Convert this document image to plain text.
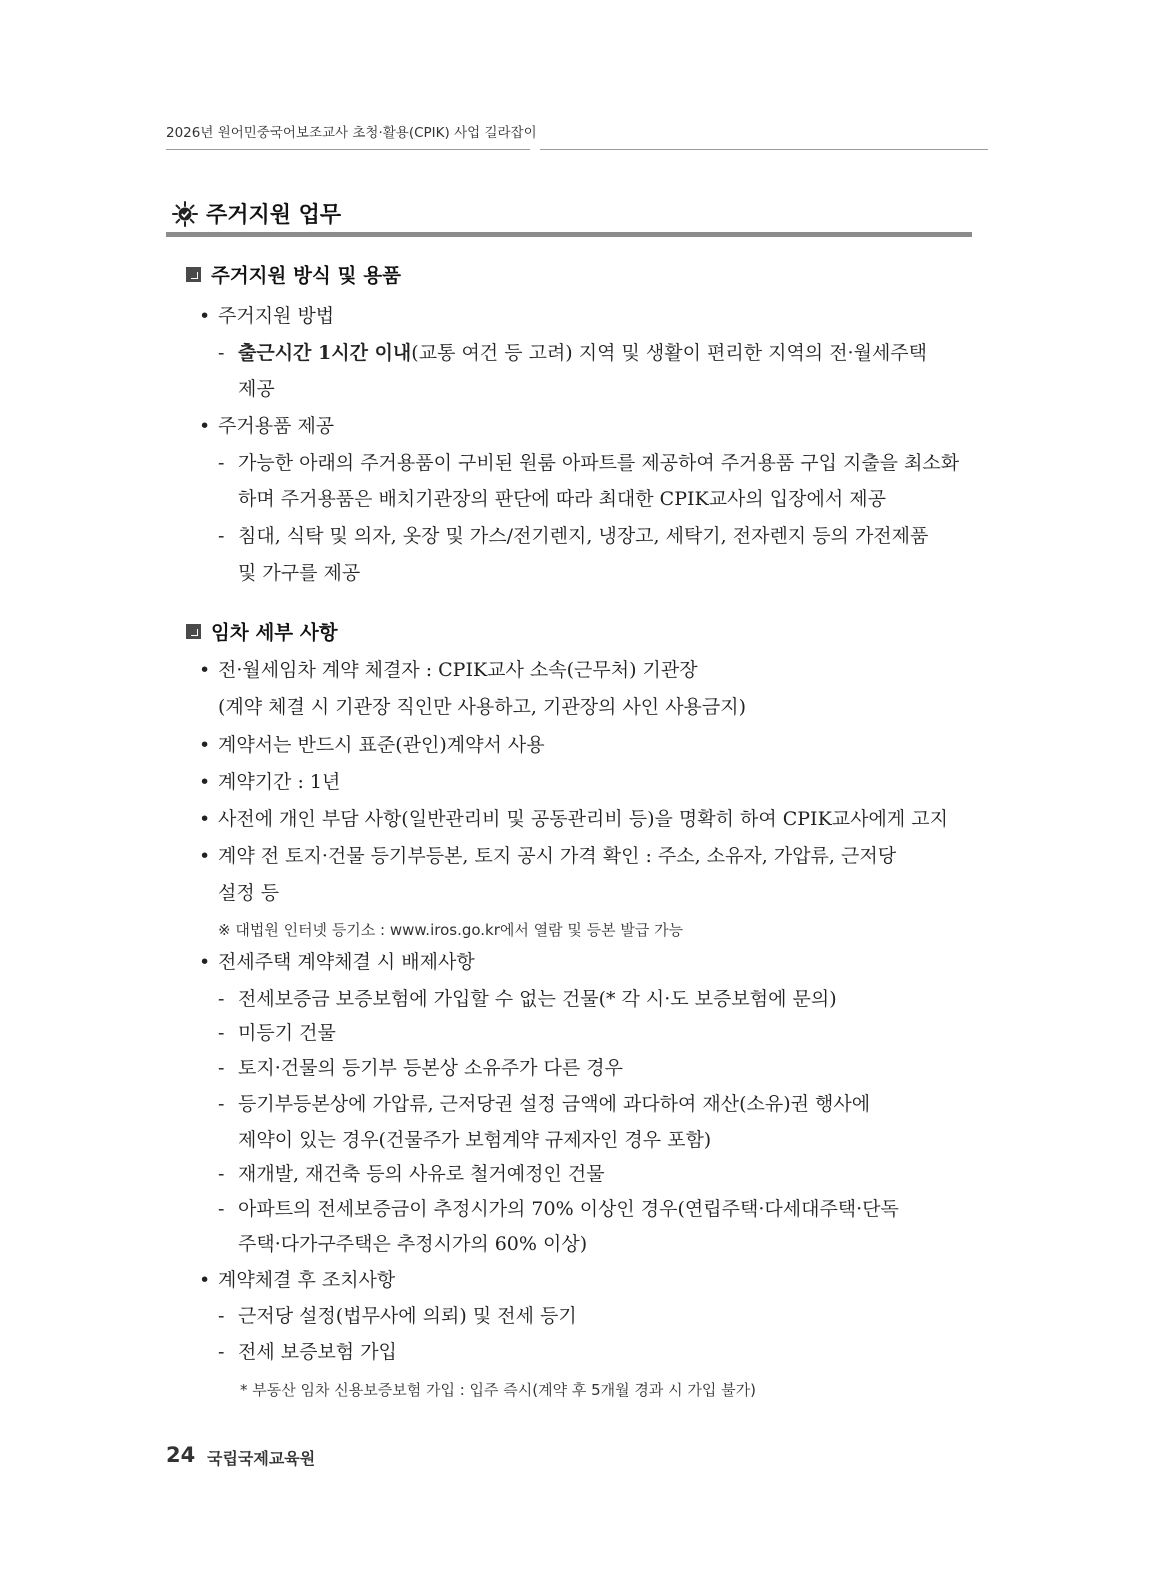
2026년 원어민중국어보조교사 초청·활용(CPIK) 사업 길라잡이
주거지원 업무
주거지원 방식 및 용품
• 주거지원 방법
- 출근시간 1시간 이내(교통 여건 등 고려) 지역 및 생활이 편리한 지역의 전·월세주택
제공
• 주거용품 제공
- 가능한 아래의 주거용품이 구비된 원룸 아파트를 제공하여 주거용품 구입 지출을 최소화
하며 주거용품은 배치기관장의 판단에 따라 최대한 CPIK교사의 입장에서 제공
- 침대, 식탁 및 의자, 옷장 및 가스/전기렌지, 냉장고, 세탁기, 전자렌지 등의 가전제품
및 가구를 제공
임차 세부 사항
• 전·월세임차 계약 체결자 : CPIK교사 소속(근무처) 기관장
(계약 체결 시 기관장 직인만 사용하고, 기관장의 사인 사용금지)
• 계약서는 반드시 표준(관인)계약서 사용
• 계약기간 : 1년
• 사전에 개인 부담 사항(일반관리비 및 공동관리비 등)을 명확히 하여 CPIK교사에게 고지
• 계약 전 토지·건물 등기부등본, 토지 공시 가격 확인 : 주소, 소유자, 가압류, 근저당
설정 등
※ 대법원 인터넷 등기소 : www.iros.go.kr에서 열람 및 등본 발급 가능
• 전세주택 계약체결 시 배제사항
- 전세보증금 보증보험에 가입할 수 없는 건물(* 각 시·도 보증보험에 문의)
- 미등기 건물
- 토지·건물의 등기부 등본상 소유주가 다른 경우
- 등기부등본상에 가압류, 근저당권 설정 금액에 과다하여 재산(소유)권 행사에
제약이 있는 경우(건물주가 보험계약 규제자인 경우 포함)
- 재개발, 재건축 등의 사유로 철거예정인 건물
- 아파트의 전세보증금이 추정시가의 70% 이상인 경우(연립주택·다세대주택·단독
주택·다가구주택은 추정시가의 60% 이상)
• 계약체결 후 조치사항
- 근저당 설정(법무사에 의뢰) 및 전세 등기
- 전세 보증보험 가입
* 부동산 임차 신용보증보험 가입 : 입주 즉시(계약 후 5개월 경과 시 가입 불가)
24 국립국제교육원
